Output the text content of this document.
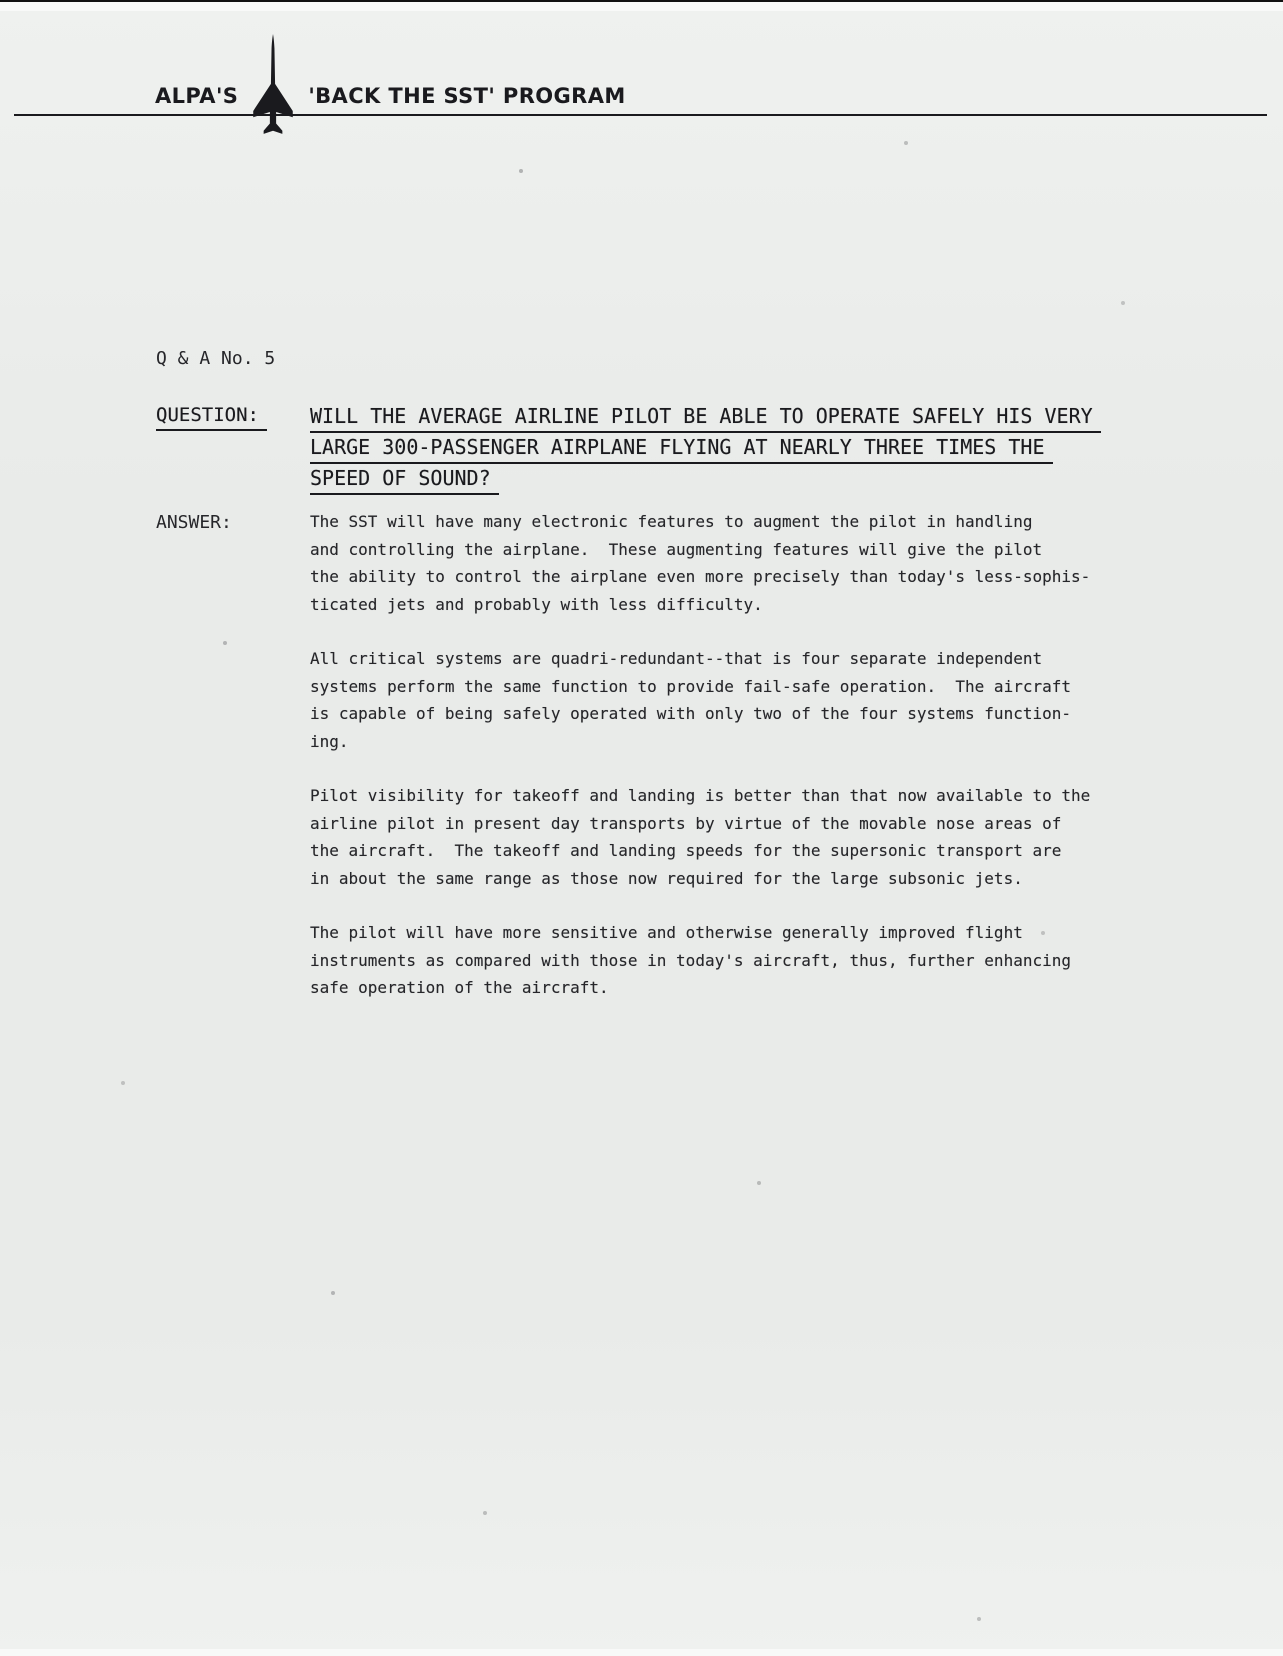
ALPA'S	'BACK THE SST' PROGRAM
Q & A No. 5
QUESTION:	WILL THE AVERAGE AIRLINE PILOT BE ABLE TO OPERATE SAFELY HIS VERY
LARGE 300-PASSENGER AIRPLANE FLYING AT NEARLY THREE TIMES THE
SPEED OF SOUND?
ANSWER:	The SST will have many electronic features to augment the pilot in handling
and controlling the airplane.  These augmenting features will give the pilot
the ability to control the airplane even more precisely than today's less-sophis-
ticated jets and probably with less difficulty.
All critical systems are quadri-redundant--that is four separate independent
systems perform the same function to provide fail-safe operation.  The aircraft
is capable of being safely operated with only two of the four systems function-
ing.
Pilot visibility for takeoff and landing is better than that now available to the
airline pilot in present day transports by virtue of the movable nose areas of
the aircraft.  The takeoff and landing speeds for the supersonic transport are
in about the same range as those now required for the large subsonic jets.
The pilot will have more sensitive and otherwise generally improved flight
instruments as compared with those in today's aircraft, thus, further enhancing
safe operation of the aircraft.
